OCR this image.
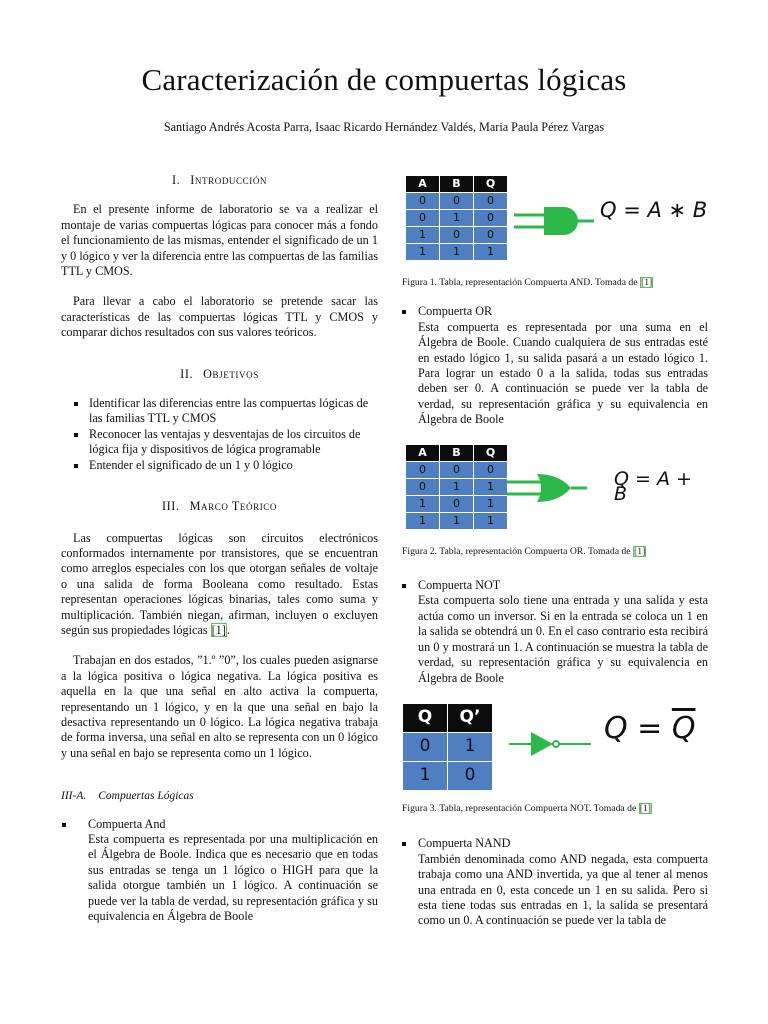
Caracterización de compuertas lógicas
Santiago Andrés Acosta Parra, Isaac Ricardo Hernández Valdés, Maria Paula Pérez Vargas
I. Introducción

En el presente informe de laboratorio se va a realizar el montaje de varias compuertas lógicas para conocer más a fondo el funcionamiento de las mismas, entender el significado de un 1 y 0 lógico y ver la diferencia entre las compuertas de las familias TTL y CMOS.

Para llevar a cabo el laboratorio se pretende sacar las características de las compuertas lógicas TTL y CMOS y comparar dichos resultados con sus valores teóricos.

II. Objetivos
Identificar las diferencias entre las compuertas lógicas de las familias TTL y CMOS
Reconocer las ventajas y desventajas de los circuitos de lógica fija y dispositivos de lógica programable
Entender el significado de un 1 y 0 lógico
III. Marco Teórico

Las compuertas lógicas son circuitos electrónicos conformados internamente por transistores, que se encuentran como arreglos especiales con los que otorgan señales de voltaje o una salida de forma Booleana como resultado. Estas representan operaciones lógicas binarias, tales como suma y multiplicación. También niegan, afirman, incluyen o excluyen según sus propiedades lógicas [1].

Trabajan en dos estados, ”1.º ”0”, los cuales pueden asignarse a la lógica positiva o lógica negativa. La lógica positiva es aquella en la que una señal en alto activa la compuerta, representando un 1 lógico, y en la que una señal en bajo la desactiva representando un 0 lógico. La lógica negativa trabaja de forma inversa, una señal en alto se representa con un 0 lógico y una señal en bajo se representa como un 1 lógico.

III-A. Compuertas Lógicas
Compuerta And
Esta compuerta es representada por una multiplicación en el Álgebra de Boole. Indica que es necesario que en todas sus entradas se tenga un 1 lógico o HIGH para que la salida otorgue también un 1 lógico. A continuación se puede ver la tabla de verdad, su representación gráfica y su equivalencia en Álgebra de Boole
A	B	Q
0	0	0
0	1	0
1	0	0
1	1	1
Q = A ∗ B
Figura 1. Tabla, representación Compuerta AND. Tomada de [1]
Compuerta OR
Esta compuerta es representada por una suma en el Álgebra de Boole. Cuando cualquiera de sus entradas esté en estado lógico 1, su salida pasará a un estado lógico 1. Para lograr un estado 0 a la salida, todas sus entradas deben ser 0. A continuación se puede ver la tabla de verdad, su representación gráfica y su equivalencia en Álgebra de Boole
A	B	Q
0	0	0
0	1	1
1	0	1
1	1	1
Q = A + B
Figura 2. Tabla, representación Compuerta OR. Tomada de [1]
Compuerta NOT
Esta compuerta solo tiene una entrada y una salida y esta actúa como un inversor. Si en la entrada se coloca un 1 en la salida se obtendrá un 0. En el caso contrario esta recibirá un 0 y mostrará un 1. A continuación se muestra la tabla de verdad, su representación gráfica y su equivalencia en Álgebra de Boole
Q	Q’
0	1
1	0
$Q = \overline{Q}$
Figura 3. Tabla, representación Compuerta NOT. Tomada de [1]
Compuerta NAND
También denominada como AND negada, esta compuerta trabaja como una AND invertida, ya que al tener al menos una entrada en 0, esta concede un 1 en su salida. Pero si esta tiene todas sus entradas en 1, la salida se presentará como un 0. A continuación se puede ver la tabla de
